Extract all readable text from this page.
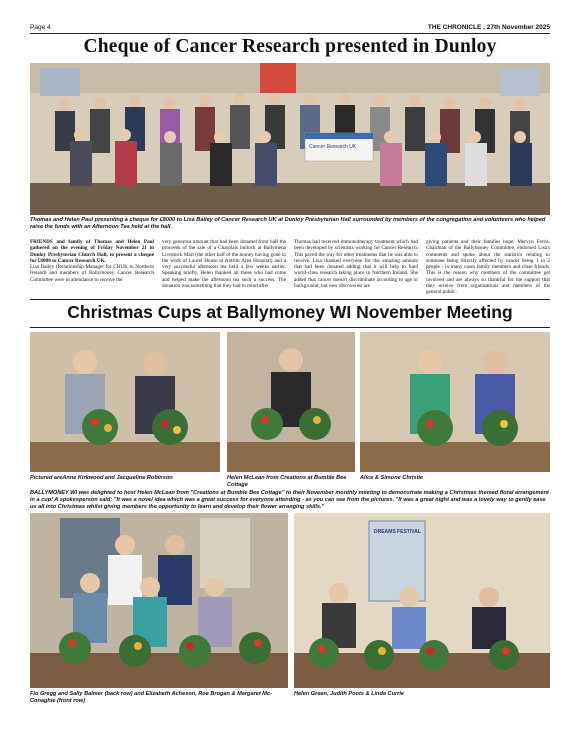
Page 4	THE CHRONICLE , 27th November 2025
Cheque of Cancer Research presented in Dunloy
Cancer Research UK
Thomas and Helen Paul presenting a cheque for £8000 to Lisa Bailey of Cancer Research UK at Dunloy Presbyterian Hall surrounded by members of the congregation and volunteers who helped raise the funds with an Afternoon Tea held at the hall.

FRIENDS and family of Thomas and Helen Paul gathered on the evening of Friday November 21 in Dunloy Presbyterian Church Hall, to present a cheque for £8000 to Cancer Research UK.

Lisa Bailey (Relationship Manager for CRUK in Northern Ireland) and members of Ballymoney Cancer Research Committee were in attendance to receive the

very generous amount that had been donated from half the proceeds of the sale of a Charolais bullock at Ballymena Livestock Mart (the other half of the money having gone to the work of Laurel House at Antrim Area Hospital) and a very successful afternoon tea held a few weeks earlier. Speaking briefly, Helen thanked all those who had come and helped make the afternoon tea such a success. The donation was something that they had in mind after

Thomas had received immunotherapy treatment which had been developed by scientists working for Cancer Research. This paved the way for other treatments that he was able to receive. Lisa thanked everyone for the amazing amount that had been donated adding that it will help to fund world-class research taking place in Northern Ireland. She added that cancer doesn't discriminate according to age or background, but new discoveries are

giving patients and their families hope. Mervyn Ferris, Chairman of the Ballymoney Committee, endorsed Lisa's comments and spoke about the statistics relating to someone being directly affected by cancer being 1 in 2 people - in many cases family members and close friends. This is the reason why members of the committee get involved and are always so thankful for the support that they receive from organisations and members of the general public.

Christmas Cups at Ballymoney WI November Meeting
Pictured areAnne Kirkwood and Jacqueline Robinson	Helen McLean from Creations at Bumble Bee Cottage
Alice & Simone Christie
BALLYMONEY WI was delighted to host Helen McLean from "Creations at Bumble Bee Cottage" to their November monthly meeting to demonstrate making a Christmas themed floral arrangement in a cup! A spokesperson said: "It was a novel idea which was a great success for everyone attending - as you can see from the pictures. "It was a great night and was a lovely way to gently ease us all into Christmas whilst giving members the opportunity to learn and develop their flower arranging skills."
DREAMS FESTIVAL
Flo Gregg and Sally Balmer (back row) and Elizabeth Acheson, Roe Brogan & Margaret Mc-Conaghie (front row)
Helen Green, Judith Poots & Linda Currie
